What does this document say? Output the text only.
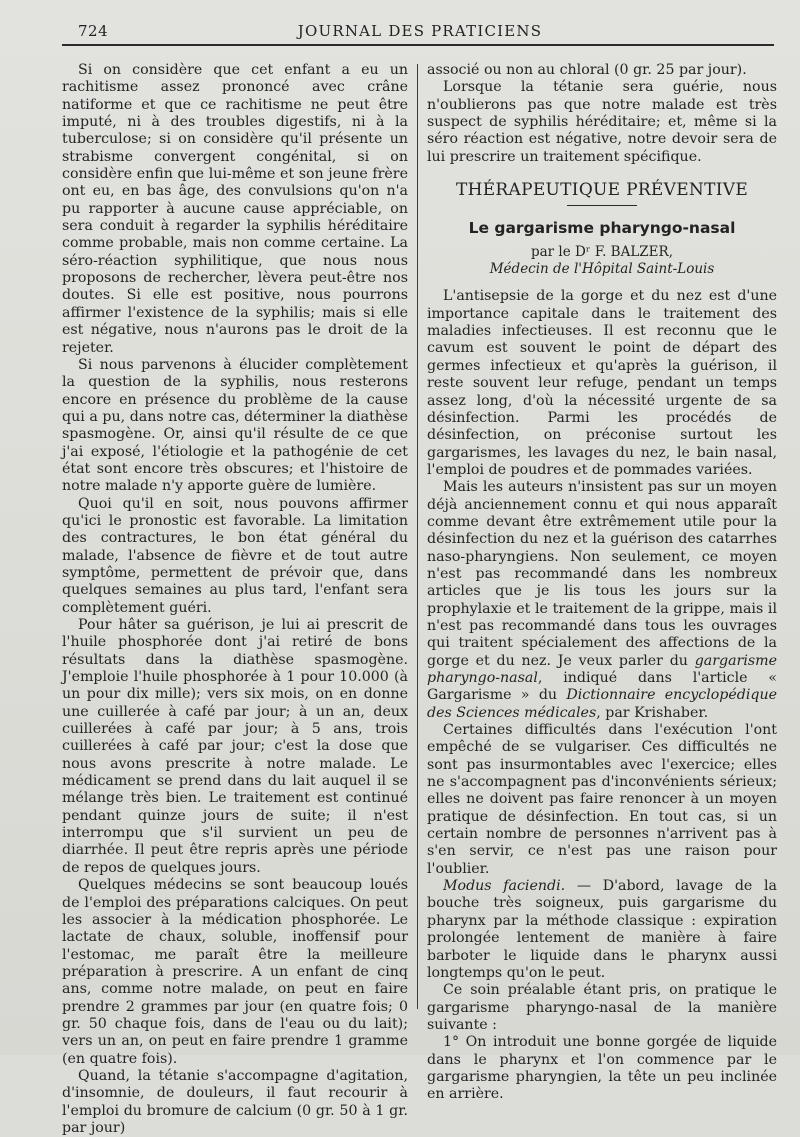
724	JOURNAL DES PRATICIENS

Si on considère que cet enfant a eu un rachitisme assez prononcé avec crâne natiforme et que ce rachitisme ne peut être imputé, ni à des troubles digestifs, ni à la tuberculose; si on considère qu'il présente un strabisme convergent congénital, si on considère enfin que lui-même et son jeune frère ont eu, en bas âge, des convulsions qu'on n'a pu rapporter à aucune cause appréciable, on sera conduit à regarder la syphilis héréditaire comme probable, mais non comme certaine. La séro-réaction syphilitique, que nous nous proposons de rechercher, lèvera peut-être nos doutes. Si elle est positive, nous pourrons affirmer l'existence de la syphilis; mais si elle est négative, nous n'aurons pas le droit de la rejeter.

Si nous parvenons à élucider complètement la question de la syphilis, nous resterons encore en présence du problème de la cause qui a pu, dans notre cas, déterminer la diathèse spasmogène. Or, ainsi qu'il résulte de ce que j'ai exposé, l'étiologie et la pathogénie de cet état sont encore très obscures; et l'histoire de notre malade n'y apporte guère de lumière.

Quoi qu'il en soit, nous pouvons affirmer qu'ici le pronostic est favorable. La limitation des contractures, le bon état général du malade, l'absence de fièvre et de tout autre symptôme, permettent de prévoir que, dans quelques semaines au plus tard, l'enfant sera complètement guéri.

Pour hâter sa guérison, je lui ai prescrit de l'huile phosphorée dont j'ai retiré de bons résultats dans la diathèse spasmogène. J'emploie l'huile phosphorée à 1 pour 10.000 (à un pour dix mille); vers six mois, on en donne une cuillerée à café par jour; à un an, deux cuillerées à café par jour; à 5 ans, trois cuillerées à café par jour; c'est la dose que nous avons prescrite à notre malade. Le médicament se prend dans du lait auquel il se mélange très bien. Le traitement est continué pendant quinze jours de suite; il n'est interrompu que s'il survient un peu de diarrhée. Il peut être repris après une période de repos de quelques jours.

Quelques médecins se sont beaucoup loués de l'emploi des préparations calciques. On peut les associer à la médication phosphorée. Le lactate de chaux, soluble, inoffensif pour l'estomac, me paraît être la meilleure préparation à prescrire. A un enfant de cinq ans, comme notre malade, on peut en faire prendre 2 grammes par jour (en quatre fois; 0 gr. 50 chaque fois, dans de l'eau ou du lait); vers un an, on peut en faire prendre 1 gramme (en quatre fois).

Quand, la tétanie s'accompagne d'agitation, d'insomnie, de douleurs, il faut recourir à l'emploi du bromure de calcium (0 gr. 50 à 1 gr. par jour)

associé ou non au chloral (0 gr. 25 par jour).

Lorsque la tétanie sera guérie, nous n'oublierons pas que notre malade est très suspect de syphilis héréditaire; et, même si la séro réaction est négative, notre devoir sera de lui prescrire un traitement spécifique.

THÉRAPEUTIQUE PRÉVENTIVE
Le gargarisme pharyngo-nasal
par le Dʳ F. BALZER,
Médecin de l'Hôpital Saint-Louis

L'antisepsie de la gorge et du nez est d'une importance capitale dans le traitement des maladies infectieuses. Il est reconnu que le cavum est souvent le point de départ des germes infectieux et qu'après la guérison, il reste souvent leur refuge, pendant un temps assez long, d'où la nécessité urgente de sa désinfection. Parmi les procédés de désinfection, on préconise surtout les gargarismes, les lavages du nez, le bain nasal, l'emploi de poudres et de pommades variées.

Mais les auteurs n'insistent pas sur un moyen déjà anciennement connu et qui nous apparaît comme devant être extrêmement utile pour la désinfection du nez et la guérison des catarrhes naso-pharyngiens. Non seulement, ce moyen n'est pas recommandé dans les nombreux articles que je lis tous les jours sur la prophylaxie et le traitement de la grippe, mais il n'est pas recommandé dans tous les ouvrages qui traitent spécialement des affections de la gorge et du nez. Je veux parler du gargarisme pharyngo-nasal, indiqué dans l'article « Gargarisme » du Dictionnaire encyclopédique des Sciences médicales, par Krishaber.

Certaines difficultés dans l'exécution l'ont empêché de se vulgariser. Ces difficultés ne sont pas insurmontables avec l'exercice; elles ne s'accompagnent pas d'inconvénients sérieux; elles ne doivent pas faire renoncer à un moyen pratique de désinfection. En tout cas, si un certain nombre de personnes n'arrivent pas à s'en servir, ce n'est pas une raison pour l'oublier.

Modus faciendi. — D'abord, lavage de la bouche très soigneux, puis gargarisme du pharynx par la méthode classique : expiration prolongée lentement de manière à faire barboter le liquide dans le pharynx aussi longtemps qu'on le peut.

Ce soin préalable étant pris, on pratique le gargarisme pharyngo-nasal de la manière suivante :

1° On introduit une bonne gorgée de liquide dans le pharynx et l'on commence par le gargarisme pharyngien, la tête un peu inclinée en arrière.
